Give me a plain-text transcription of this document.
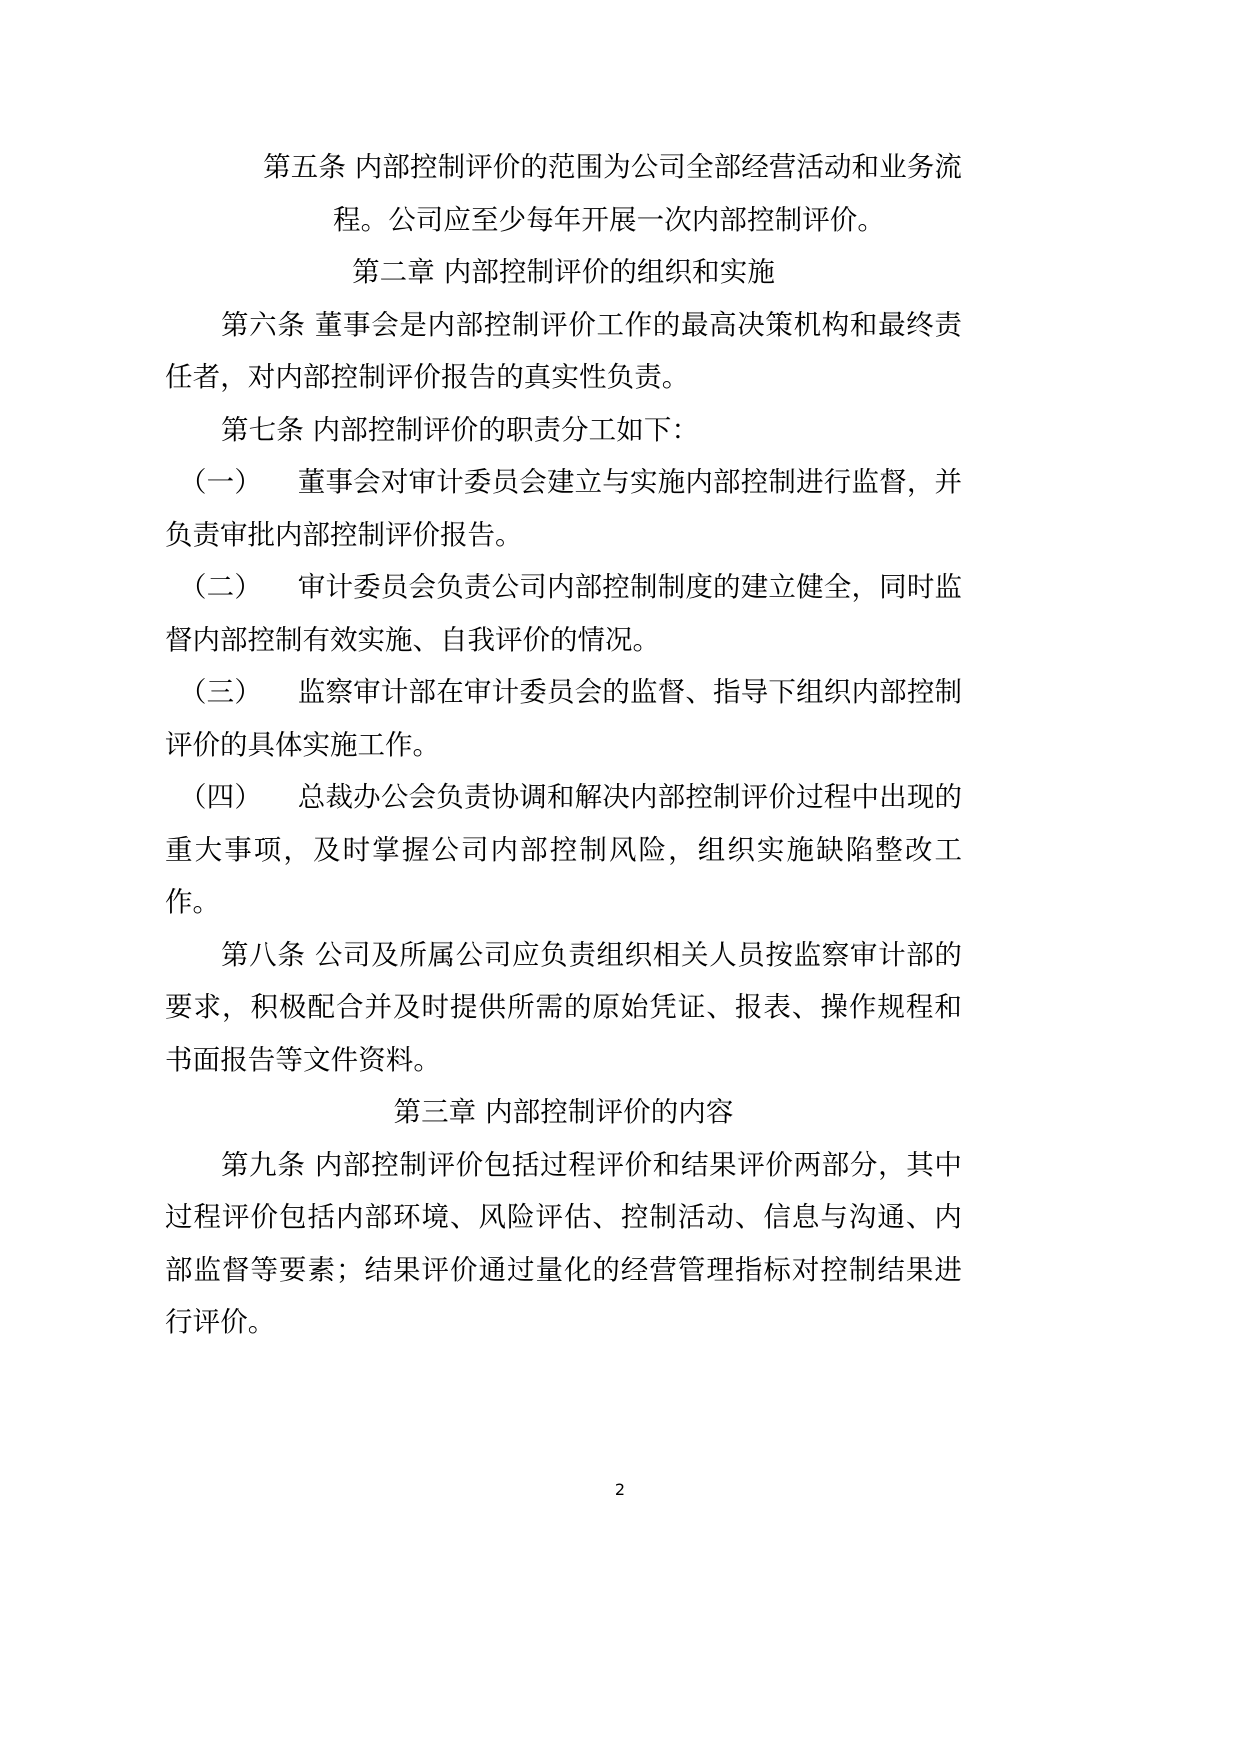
第五条 内部控制评价的范围为公司全部经营活动和业务流

程。公司应至少每年开展一次内部控制评价。

第二章 内部控制评价的组织和实施

第六条 董事会是内部控制评价工作的最高决策机构和最终责任者，对内部控制评价报告的真实性负责。

第七条 内部控制评价的职责分工如下：

（一） 董事会对审计委员会建立与实施内部控制进行监督，并负责审批内部控制评价报告。

（二） 审计委员会负责公司内部控制制度的建立健全，同时监督内部控制有效实施、自我评价的情况。

（三） 监察审计部在审计委员会的监督、指导下组织内部控制评价的具体实施工作。

（四） 总裁办公会负责协调和解决内部控制评价过程中出现的重大事项，及时掌握公司内部控制风险，组织实施缺陷整改工作。

第八条 公司及所属公司应负责组织相关人员按监察审计部的要求，积极配合并及时提供所需的原始凭证、报表、操作规程和书面报告等文件资料。

第三章 内部控制评价的内容

第九条 内部控制评价包括过程评价和结果评价两部分，其中过程评价包括内部环境、风险评估、控制活动、信息与沟通、内部监督等要素；结果评价通过量化的经营管理指标对控制结果进行评价。

2
